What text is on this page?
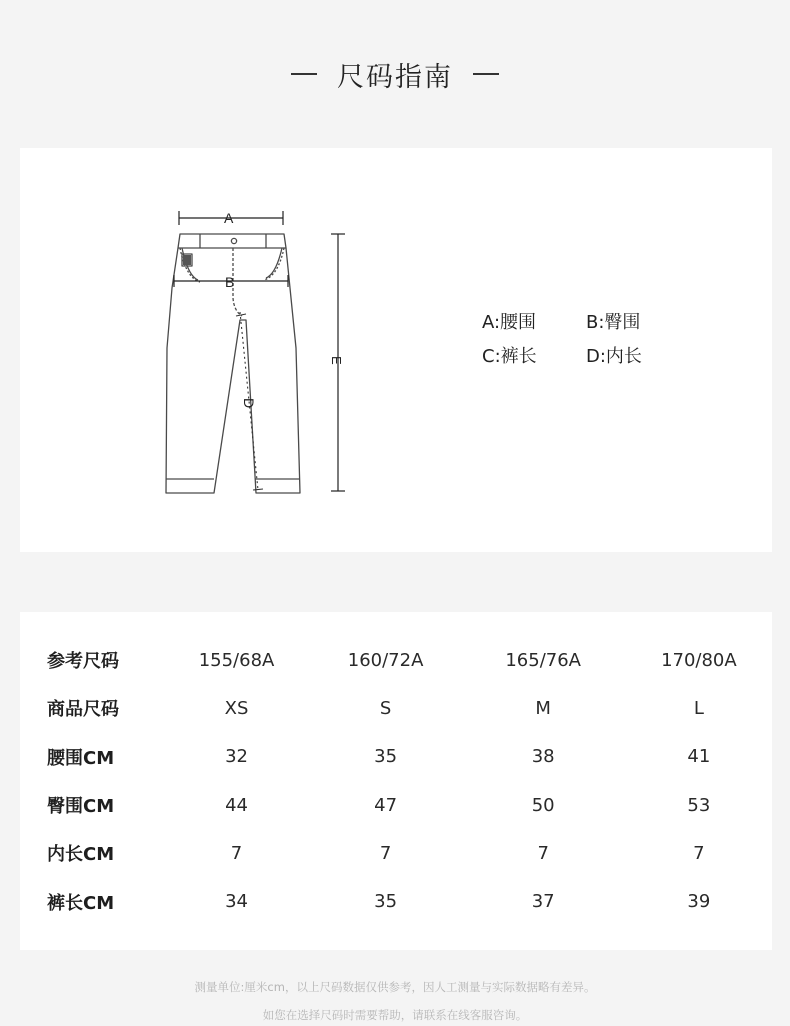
尺码指南
A
B
D
E
A:腰围	B:臀围
C:裤长	D:内长
参考尺码	155/68A	160/72A	165/76A	170/80A
商品尺码	XS	S	M	L
腰围CM	32	35	38	41
臀围CM	44	47	50	53
内长CM	7	7	7	7
裤长CM	34	35	37	39
测量单位:厘米cm，以上尺码数据仅供参考，因人工测量与实际数据略有差异。
如您在选择尺码时需要帮助，请联系在线客服咨询。
